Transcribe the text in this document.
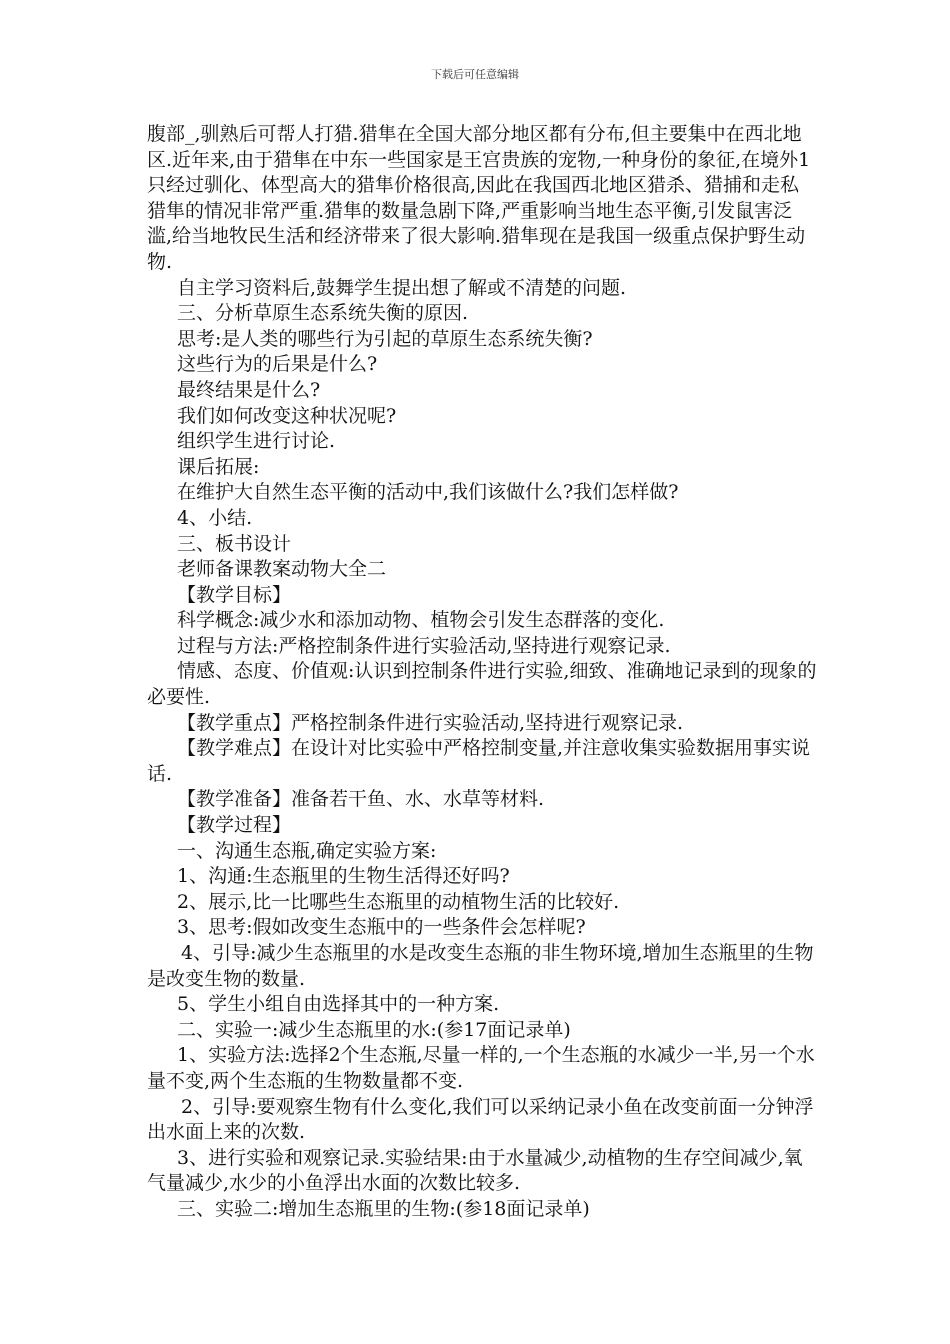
下载后可任意编辑

腹部_,驯熟后可帮人打猎.猎隼在全国大部分地区都有分布,但主要集中在西北地区.近年来,由于猎隼在中东一些国家是王宫贵族的宠物,一种身份的象征,在境外1只经过驯化、体型高大的猎隼价格很高,因此在我国西北地区猎杀、猎捕和走私猎隼的情况非常严重.猎隼的数量急剧下降,严重影响当地生态平衡,引发鼠害泛滥,给当地牧民生活和经济带来了很大影响.猎隼现在是我国一级重点保护野生动物.

自主学习资料后,鼓舞学生提出想了解或不清楚的问题.

三、分析草原生态系统失衡的原因.

思考:是人类的哪些行为引起的草原生态系统失衡?

这些行为的后果是什么?

最终结果是什么?

我们如何改变这种状况呢?

组织学生进行讨论.

课后拓展:

在维护大自然生态平衡的活动中,我们该做什么?我们怎样做?

4、小结.

三、板书设计

老师备课教案动物大全二

【教学目标】

科学概念:减少水和添加动物、植物会引发生态群落的变化.

过程与方法:严格控制条件进行实验活动,坚持进行观察记录.

情感、态度、价值观:认识到控制条件进行实验,细致、准确地记录到的现象的必要性.

【教学重点】严格控制条件进行实验活动,坚持进行观察记录.

【教学难点】在设计对比实验中严格控制变量,并注意收集实验数据用事实说话.

【教学准备】准备若干鱼、水、水草等材料.

【教学过程】

一、沟通生态瓶,确定实验方案:

1、沟通:生态瓶里的生物生活得还好吗?

2、展示,比一比哪些生态瓶里的动植物生活的比较好.

3、思考:假如改变生态瓶中的一些条件会怎样呢?

4、引导:减少生态瓶里的水是改变生态瓶的非生物环境,增加生态瓶里的生物是改变生物的数量.

5、学生小组自由选择其中的一种方案.

二、实验一:减少生态瓶里的水:(参17面记录单)

1、实验方法:选择2个生态瓶,尽量一样的,一个生态瓶的水减少一半,另一个水量不变,两个生态瓶的生物数量都不变.

2、引导:要观察生物有什么变化,我们可以采纳记录小鱼在改变前面一分钟浮出水面上来的次数.

3、进行实验和观察记录.实验结果:由于水量减少,动植物的生存空间减少,氧气量减少,水少的小鱼浮出水面的次数比较多.

三、实验二:增加生态瓶里的生物:(参18面记录单)
